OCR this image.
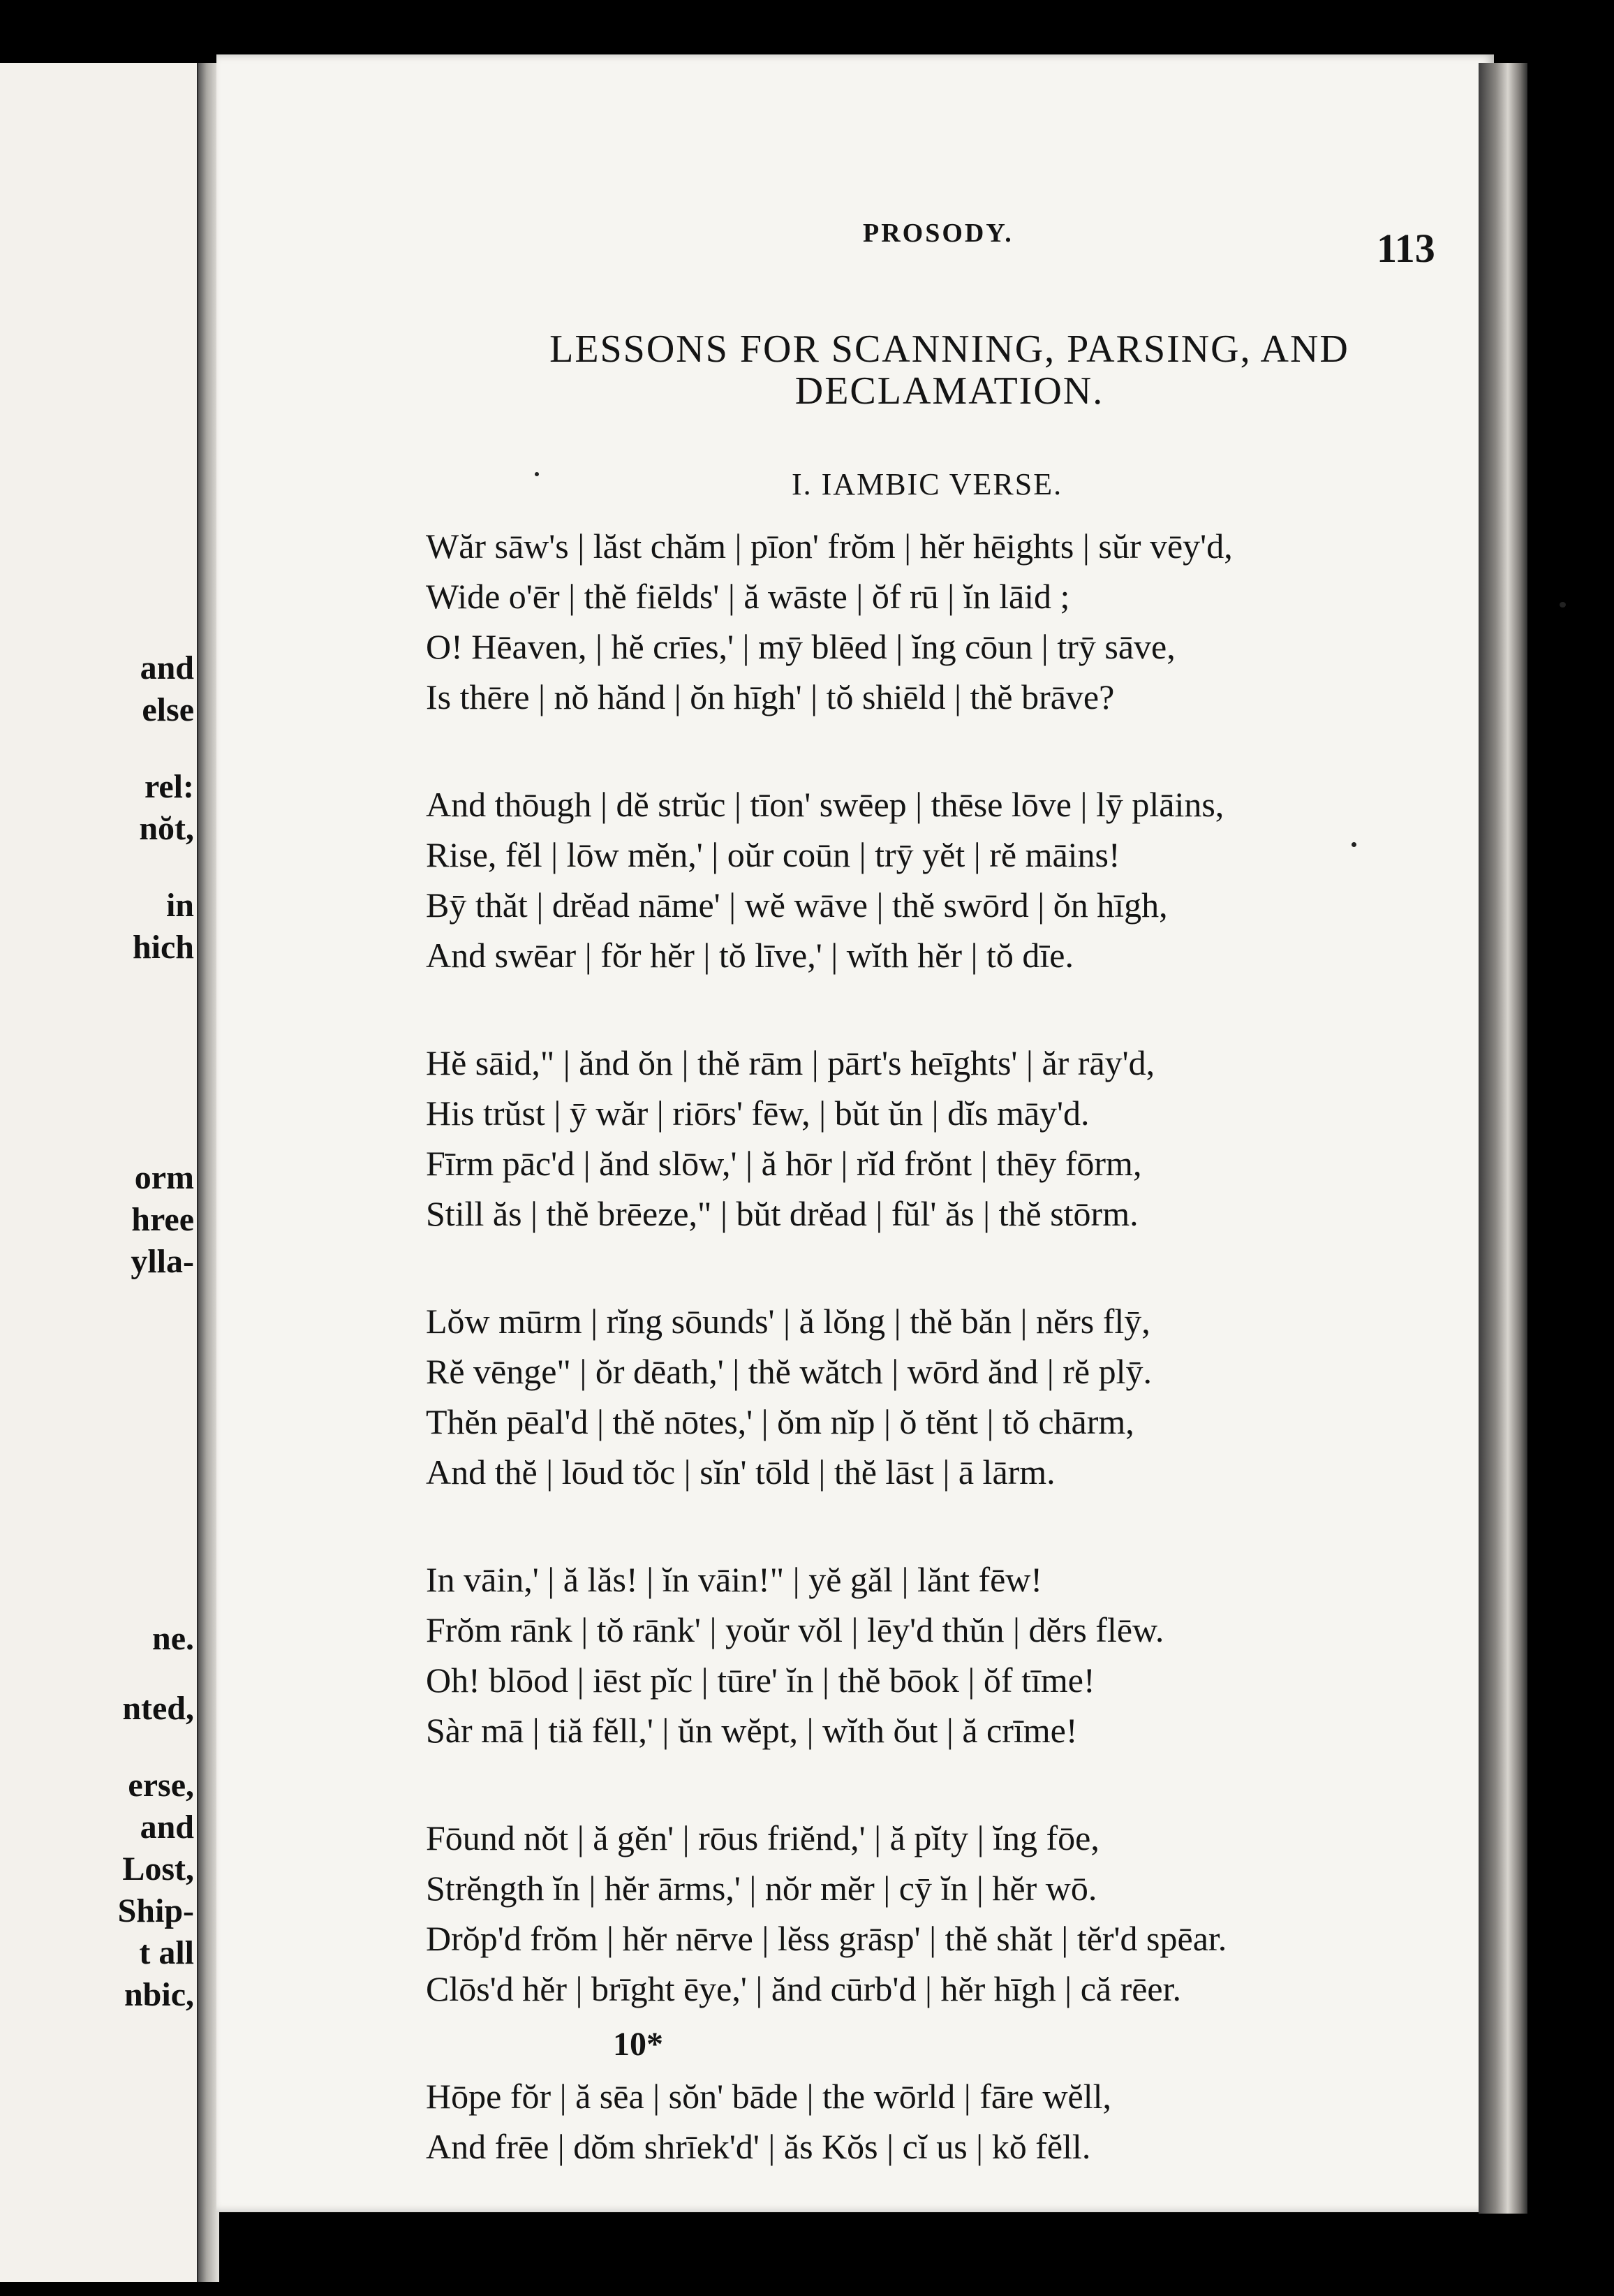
and
else
rel:
nŏt,
in
hich
orm
hree
ylla-
ne.
nted,
erse,
and
Lost,
Ship-
t all
nbic,
PROSODY.	113
LESSONS FOR SCANNING, PARSING, AND DECLAMATION.
I. IAMBIC VERSE.
Wăr sāw's | lăst chăm | pīon' frŏm | hĕr hēights | sŭr vēy'd,
Wide o'ēr | thĕ fiēlds' | ă wāste | ŏf rū | ĭn lāid ;
O! Hēaven, | hĕ crīes,' | mȳ blēed | ĭng cōun | trȳ sāve,
Is thēre | nŏ hănd | ŏn hīgh' | tŏ shiēld | thĕ brāve?
And thōugh | dĕ strŭc | tīon' swēep | thēse lōve | lȳ plāins,
Rise, fĕl | lōw mĕn,' | oŭr coūn | trȳ yĕt | rĕ māins!
Bȳ thăt | drĕad nāme' | wĕ wāve | thĕ swōrd | ŏn hīgh,
And swēar | fŏr hĕr | tŏ līve,' | wĭth hĕr | tŏ dīe.
Hĕ sāid," | ănd ŏn | thĕ rām | pārt's heīghts' | ăr rāy'd,
His trŭst | ȳ wăr | riōrs' fēw, | bŭt ŭn | dĭs māy'd.
Fīrm pāc'd | ănd slōw,' | ă hōr | rĭd frŏnt | thēy fōrm,
Still ăs | thĕ brēeze," | bŭt drĕad | fŭl' ăs | thĕ stōrm.
Lŏw mūrm | rĭng sōunds' | ă lŏng | thĕ băn | nĕrs flȳ,
Rĕ vēnge" | ŏr dēath,' | thĕ wătch | wōrd ănd | rĕ plȳ.
Thĕn pēal'd | thĕ nōtes,' | ŏm nĭp | ŏ tĕnt | tŏ chārm,
And thĕ | lōud tŏc | sĭn' tōld | thĕ lāst | ā lārm.
In vāin,' | ă lăs! | ĭn vāin!" | yĕ găl | lănt fēw!
Frŏm rānk | tŏ rānk' | yoŭr vŏl | lēy'd thŭn | dĕrs flēw.
Oh! blōod | iēst pĭc | tūre' ĭn | thĕ bōok | ŏf tīme!
Sàr mā | tiă fĕll,' | ŭn wĕpt, | wĭth ŏut | ă crīme!
Fōund nŏt | ă gĕn' | rōus friĕnd,' | ă pĭty | ĭng fōe,
Strĕngth ĭn | hĕr ārms,' | nŏr mĕr | cȳ ĭn | hĕr wō.
Drŏp'd frŏm | hĕr nērve | lĕss grāsp' | thĕ shăt | tĕr'd spēar.
Clōs'd hĕr | brīght ēye,' | ănd cūrb'd | hĕr hīgh | că rēer.
Hōpe fŏr | ă sēa | sŏn' bāde | the wōrld | fāre wĕll,
And frēe | dŏm shrīek'd' | ăs Kŏs | cĭ us | kŏ fĕll.
10*
